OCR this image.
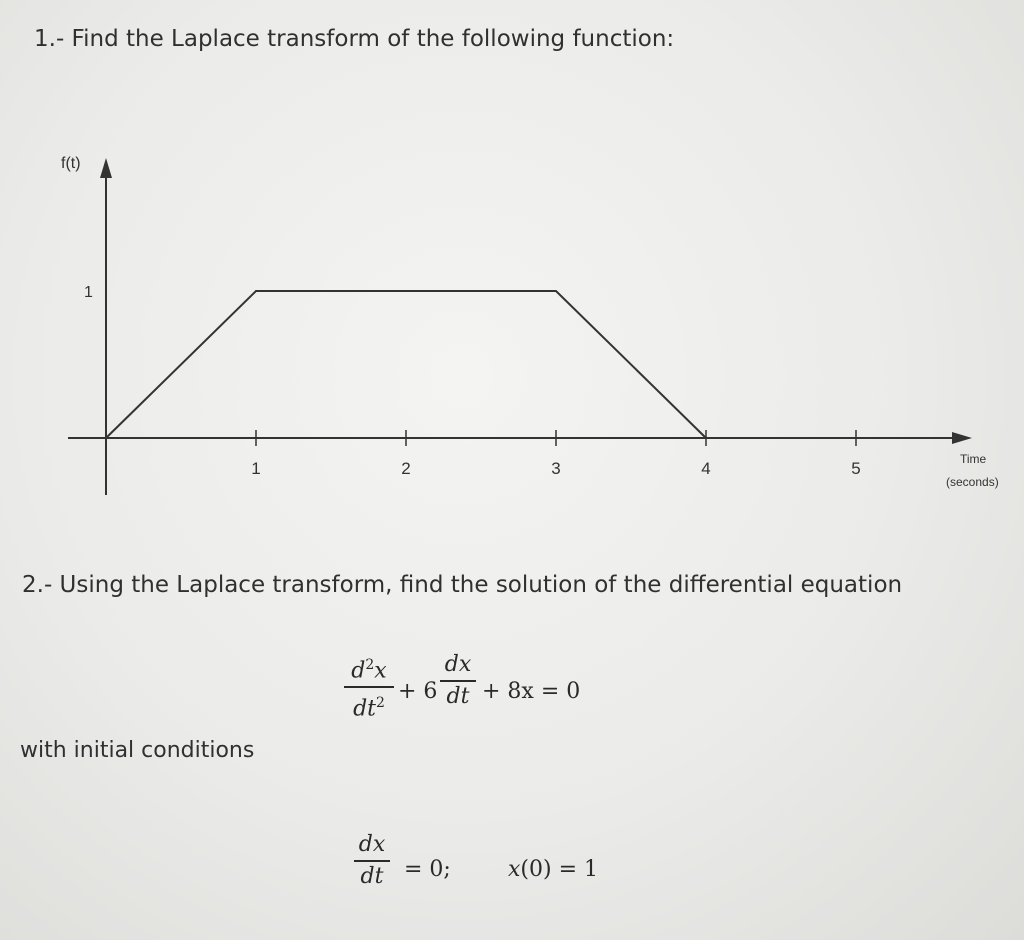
1.- Find the Laplace transform of the following function:
f(t)
Time
(seconds)
1	2	3	4	5
1
2.- Using the Laplace transform, find the solution of the differential equation
$d^2x$
$dt^2 + 6$
dx
dt + 8x = 0
with initial conditions
dx
dt = 0;	x(0) = 1
